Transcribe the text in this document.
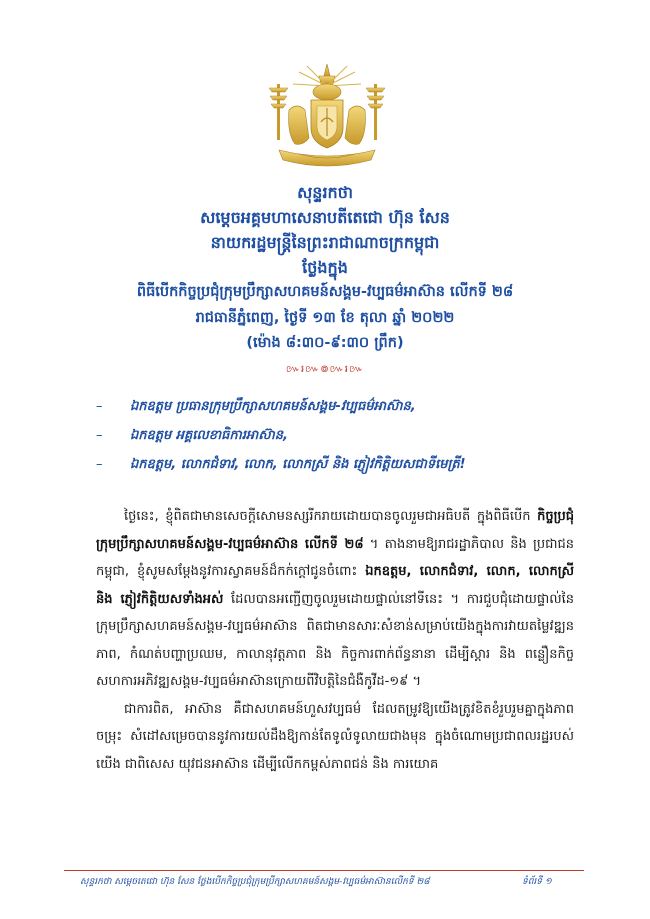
សុន្ទរកថា
សម្តេចអគ្គមហាសេនាបតីតេជោ ហ៊ុន សែន
នាយករដ្ឋមន្ត្រីនៃព្រះរាជាណាចក្រកម្ពុជា
ថ្លែងក្នុង
ពិធីបើកកិច្ចប្រជុំក្រុមប្រឹក្សាសហគមន៍សង្គម-វប្បធម៌អាស៊ាន លើកទី ២៨
រាជធានីភ្នំពេញ, ថ្ងៃទី ១៣ ខែ តុលា ឆ្នាំ ២០២២
(ម៉ោង ៨:៣០-៩:៣០ ព្រឹក)
៚៛៚៙៚៛៚
– ឯកឧត្តម ប្រធានក្រុមប្រឹក្សាសហគមន៍សង្គម-វប្បធម៌អាស៊ាន,
– ឯកឧត្តម អគ្គលេខាធិការអាស៊ាន,
– ឯកឧត្តម, លោកជំទាវ, លោក, លោកស្រី និង ភ្ញៀវកិត្តិយសជាទីមេត្រី!

ថ្ងៃនេះ, ខ្ញុំពិតជាមានសេចក្តីសោមនស្សរីករាយដោយបានចូលរួមជាអធិបតី ក្នុងពិធីបើក កិច្ចប្រជុំក្រុមប្រឹក្សាសហគមន៍សង្គម-វប្បធម៌អាស៊ាន លើកទី ២៨ ។ តាងនាមឱ្យរាជរដ្ឋាភិបាល និង ប្រជាជនកម្ពុជា, ខ្ញុំសូមសម្តែងនូវការស្វាគមន៍ដ៏កក់ក្តៅជូនចំពោះ ឯកឧត្តម, លោកជំទាវ, លោក, លោកស្រី និង ភ្ញៀវកិត្តិយសទាំងអស់ ដែលបានអញ្ជើញចូលរួមដោយផ្ទាល់នៅទីនេះ ។ ការជួបជុំដោយផ្ទាល់នៃក្រុមប្រឹក្សាសហគមន៍សង្គម-វប្បធម៌អាស៊ាន ពិតជាមានសារៈសំខាន់សម្រាប់យើងក្នុងការវាយតម្លៃវឌ្ឍនភាព, កំណត់បញ្ហាប្រឈម, កាលានុវត្តភាព និង កិច្ចការពាក់ព័ន្ធនានា ដើម្បីស្តារ និង ពន្លឿនកិច្ចសហការអភិវឌ្ឍសង្គម-វប្បធម៌អាស៊ានក្រោយពីវិបត្តិនៃជំងឺកូវីដ-១៩ ។

ជាការពិត, អាស៊ាន គឺជាសហគមន៍ហួសវប្បធម៌ ដែលតម្រូវឱ្យយើងត្រូវខិតខំរួបរួមគ្នាក្នុងភាពចម្រុះ សំដៅសម្រេចបាននូវការយល់ដឹងឱ្យកាន់តែទូលំទូលាយជាងមុន ក្នុងចំណោមប្រជាពលរដ្ឋរបស់យើង ជាពិសេស យុវជនអាស៊ាន ដើម្បីលើកកម្ពស់ភាពជន់ និង ការយោគ

សុន្ទរកថា សម្តេចតេជោ ហ៊ុន សែន ថ្លែងបើកកិច្ចប្រជុំក្រុមប្រឹក្សាសហគមន៍សង្គម-វប្បធម៌អាស៊ានលើកទី ២៨	ទំព័រទី ១
